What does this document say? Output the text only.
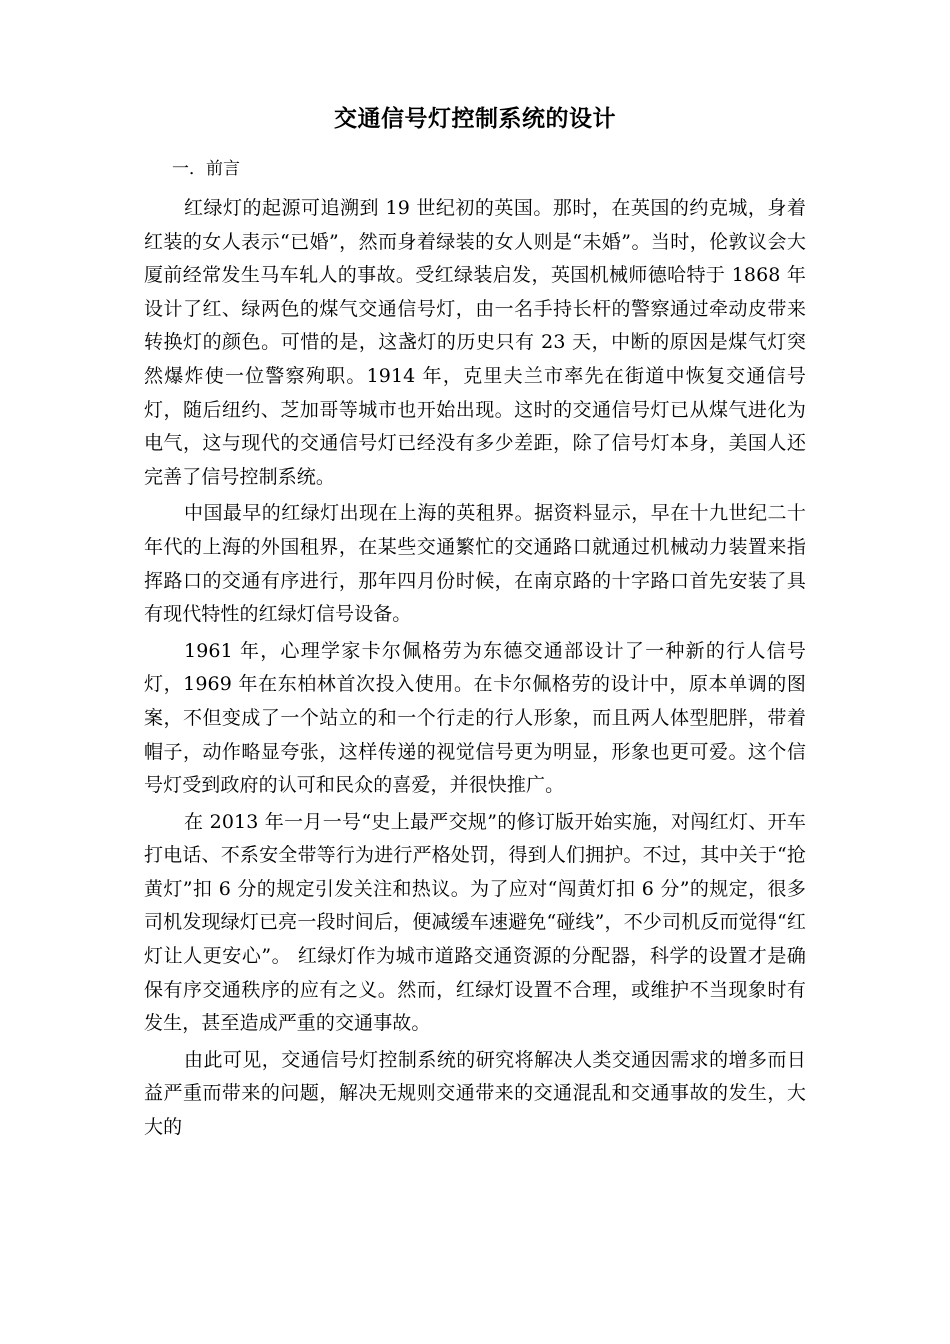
交通信号灯控制系统的设计

一．前言

红绿灯的起源可追溯到 19 世纪初的英国。那时，在英国的约克城，身着红装的女人表示“已婚”，然而身着绿装的女人则是“未婚”。当时，伦敦议会大厦前经常发生马车轧人的事故。受红绿装启发，英国机械师德哈特于 1868 年设计了红、绿两色的煤气交通信号灯，由一名手持长杆的警察通过牵动皮带来转换灯的颜色。可惜的是，这盏灯的历史只有 23 天，中断的原因是煤气灯突然爆炸使一位警察殉职。1914 年，克里夫兰市率先在街道中恢复交通信号灯，随后纽约、芝加哥等城市也开始出现。这时的交通信号灯已从煤气进化为电气，这与现代的交通信号灯已经没有多少差距，除了信号灯本身，美国人还完善了信号控制系统。

中国最早的红绿灯出现在上海的英租界。据资料显示，早在十九世纪二十年代的上海的外国租界，在某些交通繁忙的交通路口就通过机械动力装置来指挥路口的交通有序进行，那年四月份时候，在南京路的十字路口首先安装了具有现代特性的红绿灯信号设备。

1961 年，心理学家卡尔佩格劳为东德交通部设计了一种新的行人信号灯，1969 年在东柏林首次投入使用。在卡尔佩格劳的设计中，原本单调的图案，不但变成了一个站立的和一个行走的行人形象，而且两人体型肥胖，带着帽子，动作略显夸张，这样传递的视觉信号更为明显，形象也更可爱。这个信号灯受到政府的认可和民众的喜爱，并很快推广。

在 2013 年一月一号“史上最严交规”的修订版开始实施，对闯红灯、开车打电话、不系安全带等行为进行严格处罚，得到人们拥护。不过，其中关于“抢黄灯”扣 6 分的规定引发关注和热议。为了应对“闯黄灯扣 6 分”的规定，很多司机发现绿灯已亮一段时间后，便减缓车速避免“碰线”，不少司机反而觉得“红灯让人更安心”。 红绿灯作为城市道路交通资源的分配器，科学的设置才是确保有序交通秩序的应有之义。然而，红绿灯设置不合理，或维护不当现象时有发生，甚至造成严重的交通事故。

由此可见，交通信号灯控制系统的研究将解决人类交通因需求的增多而日益严重而带来的问题，解决无规则交通带来的交通混乱和交通事故的发生，大大的
